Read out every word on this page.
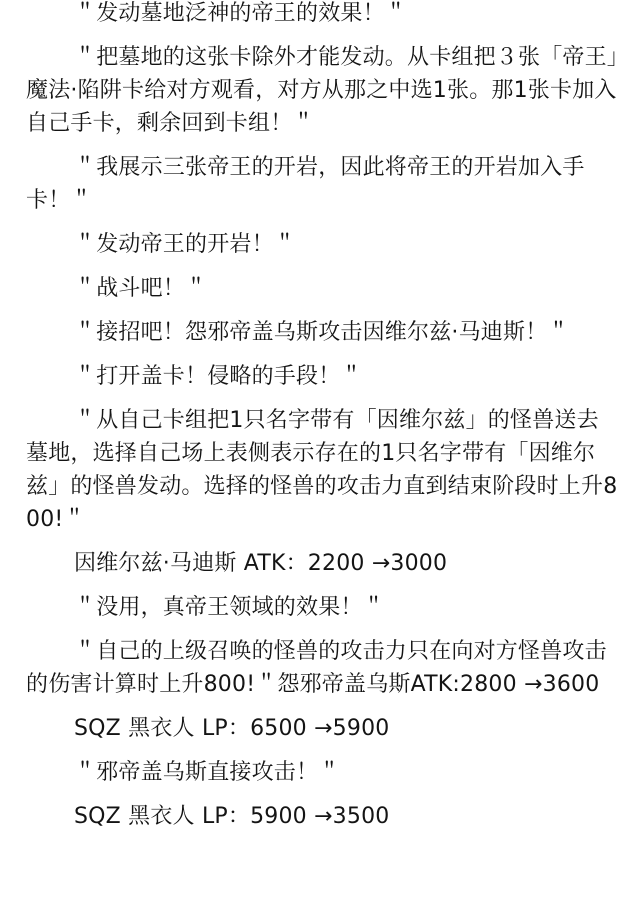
＂发动墓地泛神的帝王的效果！＂

＂把墓地的这张卡除外才能发动。从卡组把３张「帝王」魔法·陷阱卡给对方观看，对方从那之中选1张。那1张卡加入自己手卡，剩余回到卡组！＂

＂我展示三张帝王的开岩，因此将帝王的开岩加入手卡！＂

＂发动帝王的开岩！＂

＂战斗吧！＂

＂接招吧！怨邪帝盖乌斯攻击因维尔兹·马迪斯！＂

＂打开盖卡！侵略的手段！＂

＂从自己卡组把1只名字带有「因维尔兹」的怪兽送去墓地，选择自己场上表侧表示存在的1只名字带有「因维尔兹」的怪兽发动。选择的怪兽的攻击力直到结束阶段时上升800!＂

因维尔兹·马迪斯 ATK：2200 →3000

＂没用，真帝王领域的效果！＂

＂自己的上级召唤的怪兽的攻击力只在向对方怪兽攻击的伤害计算时上升800!＂怨邪帝盖乌斯ATK:2800 →3600

SQZ 黑衣人 LP：6500 →5900

＂邪帝盖乌斯直接攻击！＂

SQZ 黑衣人 LP：5900 →3500
